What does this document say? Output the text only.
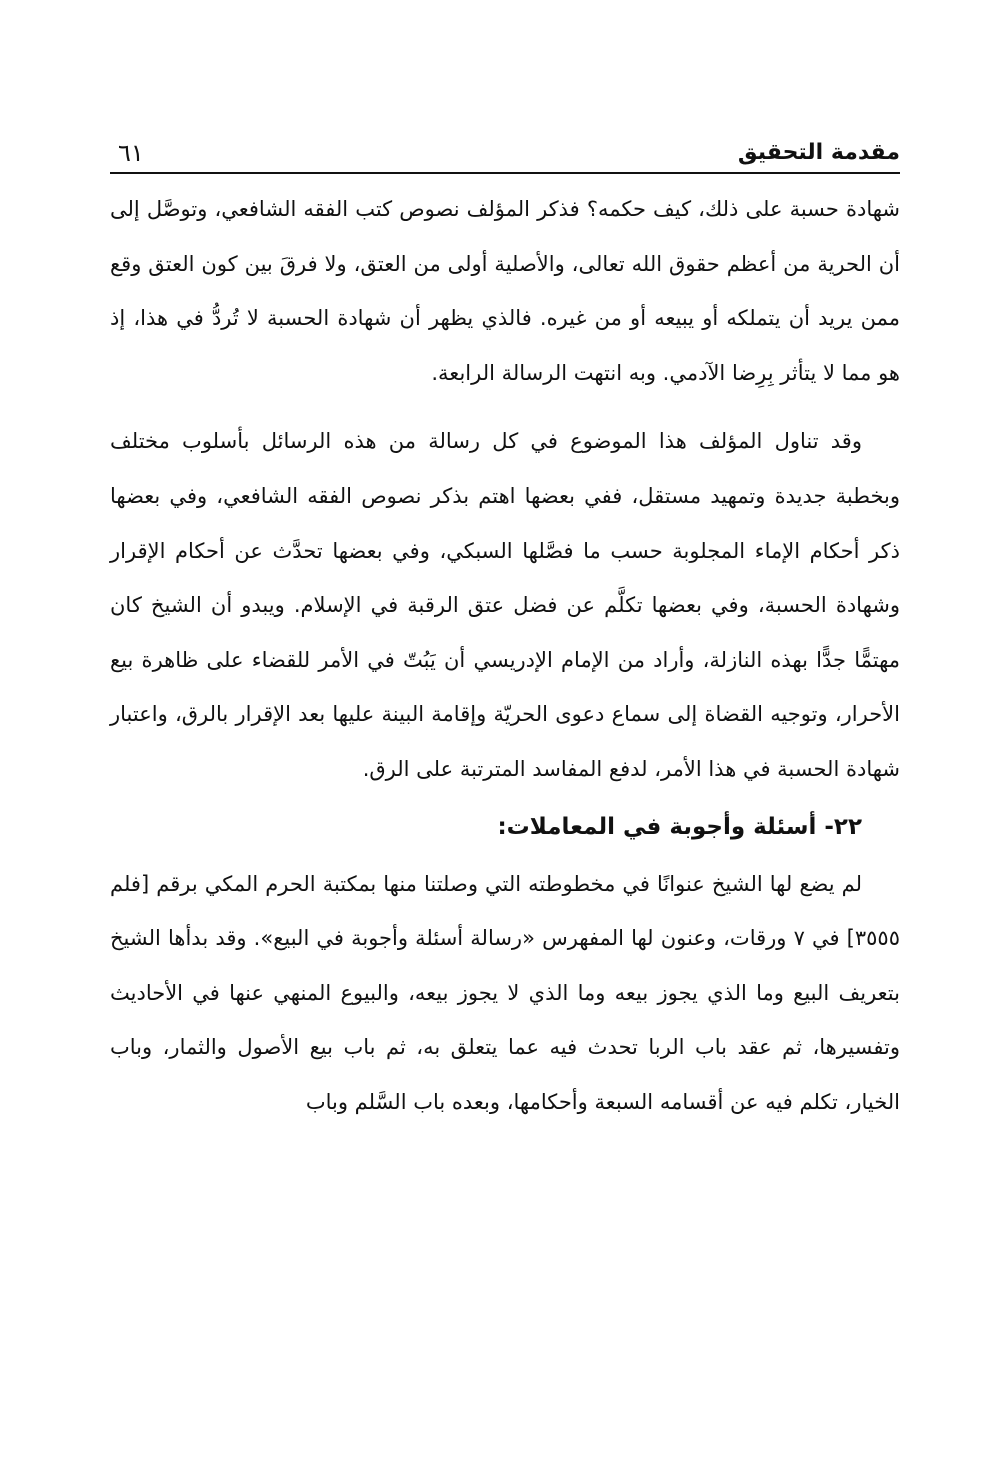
مقدمة التحقيق
٦١

شهادة حسبة على ذلك، كيف حكمه؟ فذكر المؤلف نصوص كتب الفقه الشافعي، وتوصَّل إلى أن الحرية من أعظم حقوق الله تعالى، والأصلية أولى من العتق، ولا فرقَ بين كون العتق وقع ممن يريد أن يتملكه أو يبيعه أو من غيره. فالذي يظهر أن شهادة الحسبة لا تُردُّ في هذا، إذ هو مما لا يتأثر بِرِضا الآدمي. وبه انتهت الرسالة الرابعة.

وقد تناول المؤلف هذا الموضوع في كل رسالة من هذه الرسائل بأسلوب مختلف وبخطبة جديدة وتمهيد مستقل، ففي بعضها اهتم بذكر نصوص الفقه الشافعي، وفي بعضها ذكر أحكام الإماء المجلوبة حسب ما فصَّلها السبكي، وفي بعضها تحدَّث عن أحكام الإقرار وشهادة الحسبة، وفي بعضها تكلَّم عن فضل عتق الرقبة في الإسلام. ويبدو أن الشيخ كان مهتمًّا جدًّا بهذه النازلة، وأراد من الإمام الإدريسي أن يَبُتّ في الأمر للقضاء على ظاهرة بيع الأحرار، وتوجيه القضاة إلى سماع دعوى الحريّة وإقامة البينة عليها بعد الإقرار بالرق، واعتبار شهادة الحسبة في هذا الأمر، لدفع المفاسد المترتبة على الرق.

٢٢- أسئلة وأجوبة في المعاملات:

لم يضع لها الشيخ عنوانًا في مخطوطته التي وصلتنا منها بمكتبة الحرم المكي برقم [فلم ٣٥٥٥] في ٧ ورقات، وعنون لها المفهرس «رسالة أسئلة وأجوبة في البيع». وقد بدأها الشيخ بتعريف البيع وما الذي يجوز بيعه وما الذي لا يجوز بيعه، والبيوع المنهي عنها في الأحاديث وتفسيرها، ثم عقد باب الربا تحدث فيه عما يتعلق به، ثم باب بيع الأصول والثمار، وباب الخيار، تكلم فيه عن أقسامه السبعة وأحكامها، وبعده باب السَّلم وباب
